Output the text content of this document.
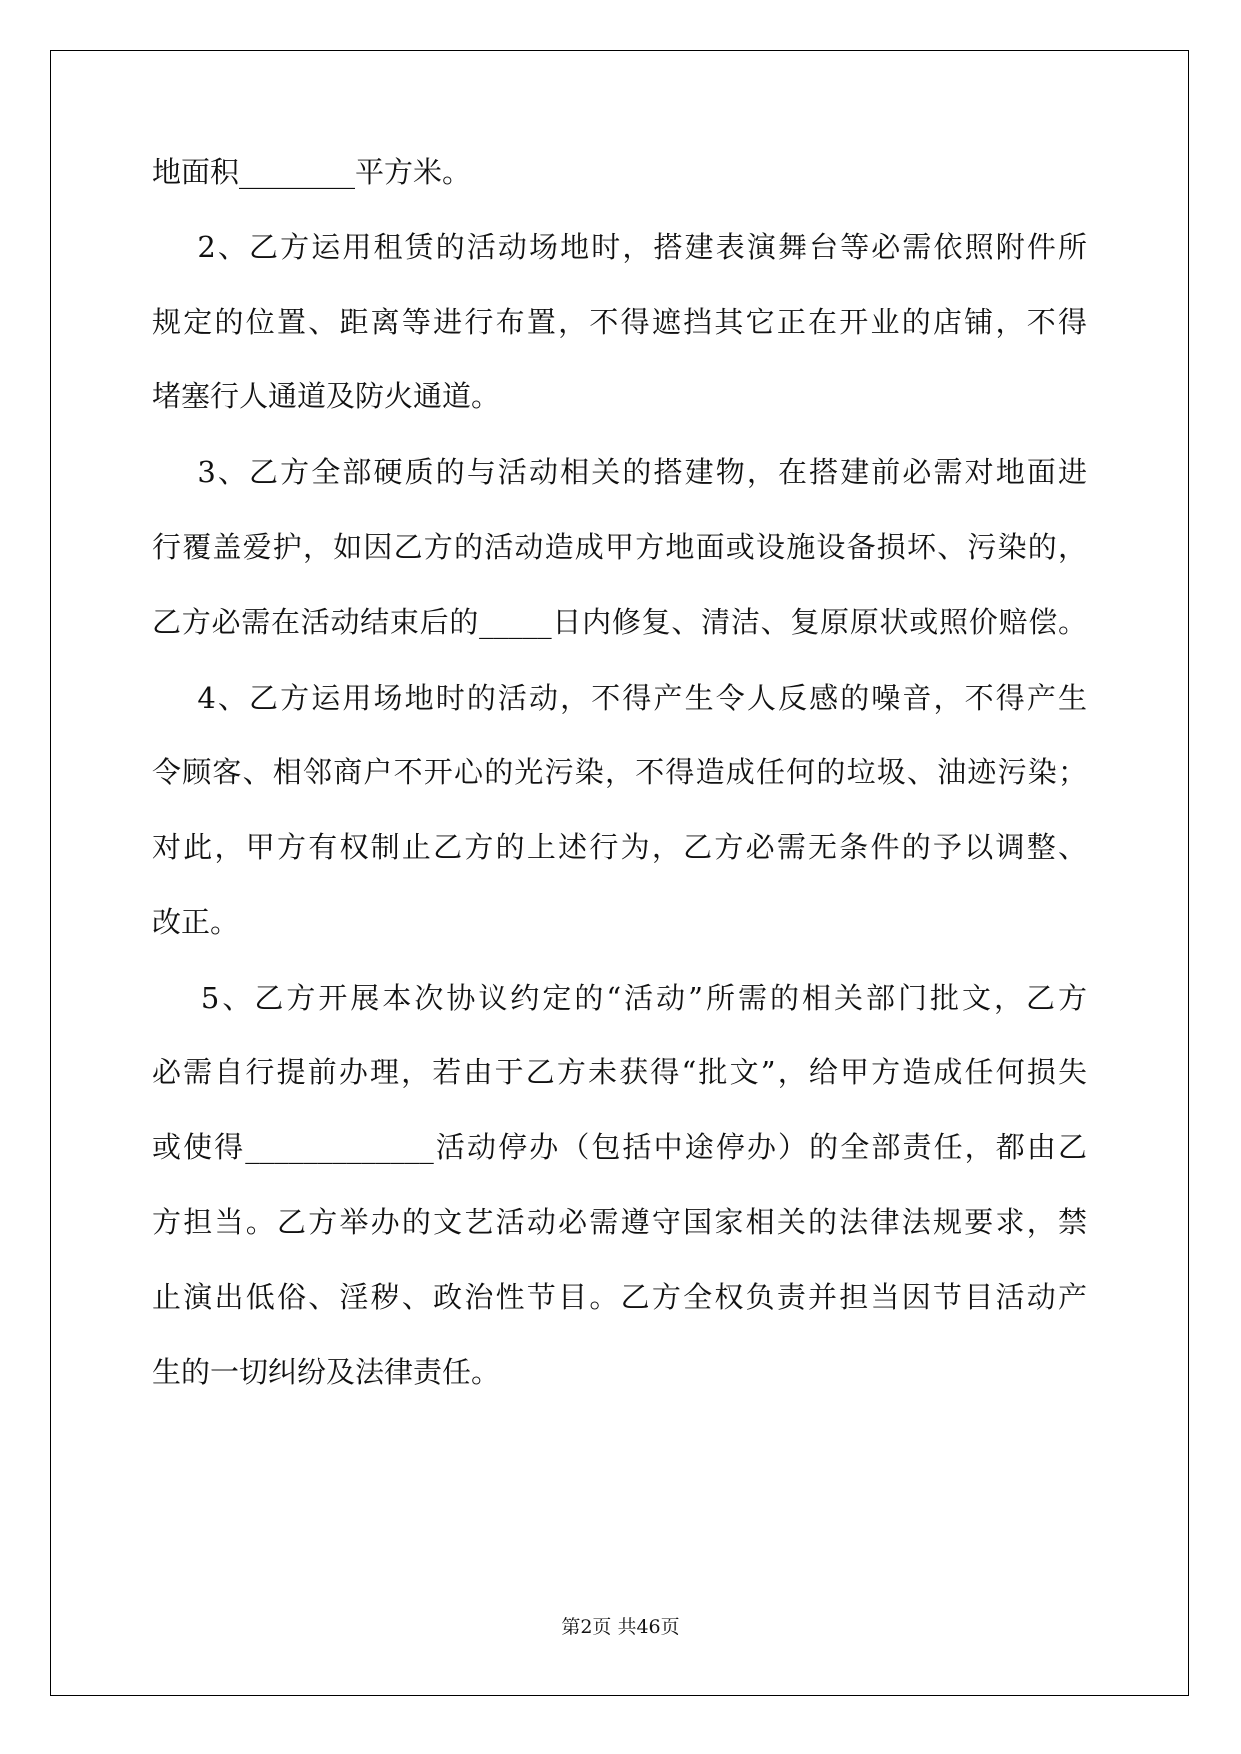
地面积________平方米。
2、乙方运用租赁的活动场地时，搭建表演舞台等必需依照附件所
规定的位置、距离等进行布置，不得遮挡其它正在开业的店铺，不得
堵塞行人通道及防火通道。
3、乙方全部硬质的与活动相关的搭建物，在搭建前必需对地面进
行覆盖爱护，如因乙方的活动造成甲方地面或设施设备损坏、污染的，
乙方必需在活动结束后的_____日内修复、清洁、复原原状或照价赔偿。
4、乙方运用场地时的活动，不得产生令人反感的噪音，不得产生
令顾客、相邻商户不开心的光污染，不得造成任何的垃圾、油迹污染；
对此，甲方有权制止乙方的上述行为，乙方必需无条件的予以调整、
改正。
5、乙方开展本次协议约定的“活动”所需的相关部门批文，乙方
必需自行提前办理，若由于乙方未获得“批文”，给甲方造成任何损失
或使得_____________活动停办（包括中途停办）的全部责任，都由乙
方担当。乙方举办的文艺活动必需遵守国家相关的法律法规要求，禁
止演出低俗、淫秽、政治性节目。乙方全权负责并担当因节目活动产
生的一切纠纷及法律责任。
第2页 共46页
